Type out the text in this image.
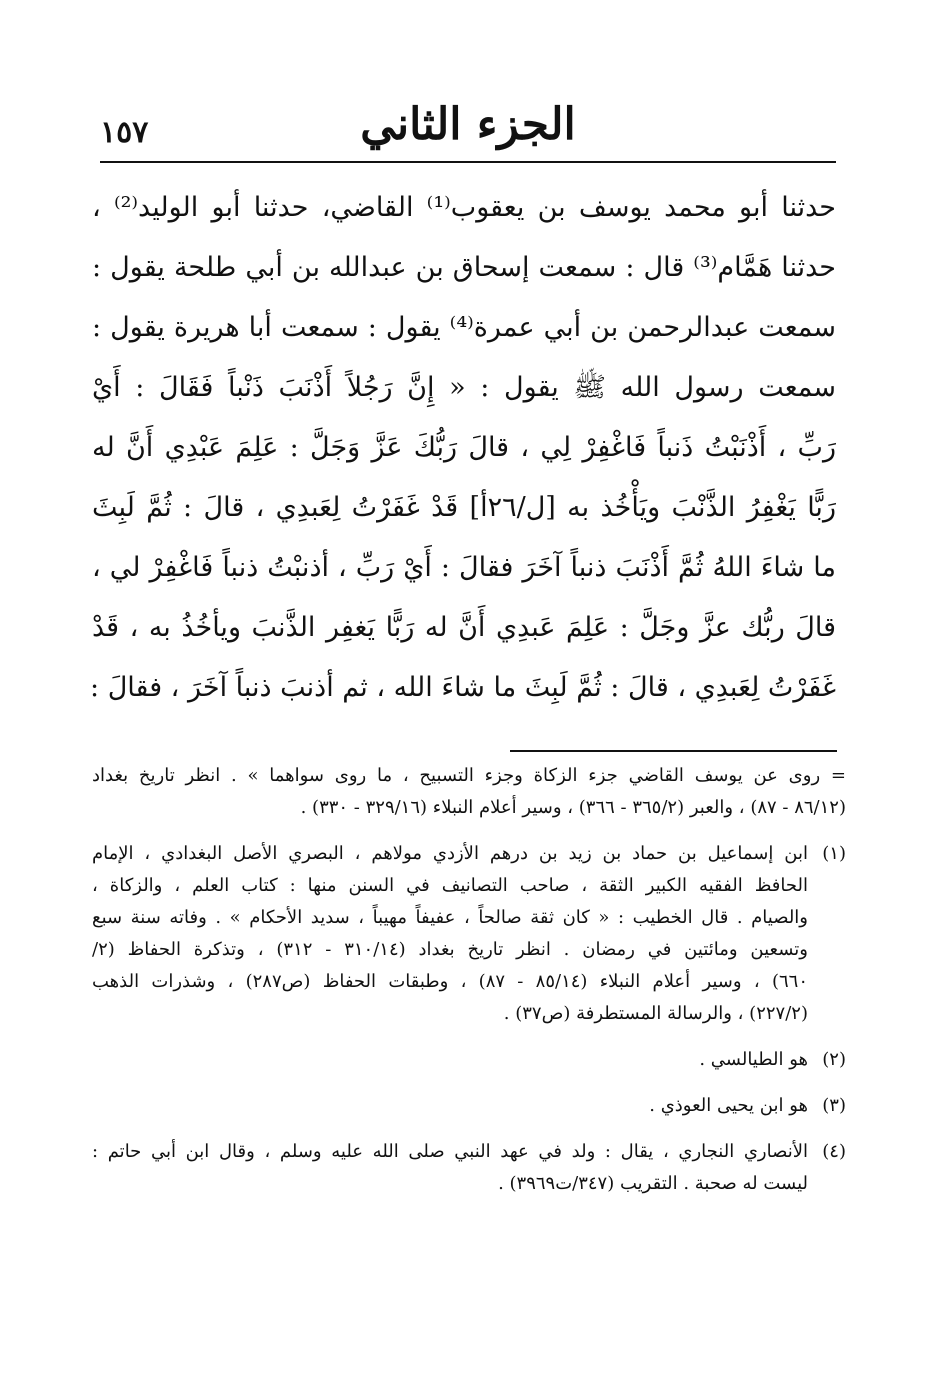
١٥٧	الجزء الثاني
حدثنا أبو محمد يوسف بن يعقوب⁽¹⁾ القاضي، حدثنا أبو الوليد⁽²⁾ ،
حدثنا هَمَّام⁽³⁾ قال : سمعت إسحاق بن عبدالله بن أبي طلحة يقول :
سمعت عبدالرحمن بن أبي عمرة⁽⁴⁾ يقول : سمعت أبا هريرة يقول :
سمعت رسول الله ﷺ يقول : « إِنَّ رَجُلاً أَذْنَبَ ذَنْباً فَقَالَ : أَيْ
رَبِّ ، أَذْنَبْتُ ذَنباً فَاغْفِرْ لِي ، قالَ رَبُّكَ عَزَّ وَجَلَّ : عَلِمَ عَبْدِي أَنَّ له
رَبًّا يَغْفِرُ الذَّنْبَ ويَأْخُذ به [ل/٢٦أ] قَدْ غَفَرْتُ لِعَبدِي ، قالَ : ثُمَّ لَبِثَ
ما شاءَ اللهُ ثُمَّ أَذْنَبَ ذنباً آخَرَ فقالَ : أَيْ رَبِّ ، أذنبْتُ ذنباً فَاغْفِرْ لي ،
قالَ ربُّك عزَّ وجَلَّ : عَلِمَ عَبدِي أَنَّ له رَبًّا يَغفِر الذَّنبَ ويأخُذُ به ، قَدْ
غَفَرْتُ لِعَبدِي ، قالَ : ثُمَّ لَبِثَ ما شاءَ الله ، ثم أذنبَ ذنباً آخَرَ ، فقالَ :
= روى عن يوسف القاضي جزء الزكاة وجزء التسبيح ، ما روى سواهما » . انظر تاريخ بغداد
(٨٦/١٢ - ٨٧) ، والعبر (٣٦٥/٢ - ٣٦٦) ، وسير أعلام النبلاء (٣٢٩/١٦ - ٣٣٠) .
(١)ابن إسماعيل بن حماد بن زيد بن درهم الأزدي مولاهم ، البصري الأصل البغدادي ، الإمام
الحافظ الفقيه الكبير الثقة ، صاحب التصانيف في السنن منها : كتاب العلم ، والزكاة ،
والصيام . قال الخطيب : « كان ثقة صالحاً ، عفيفاً مهيباً ، سديد الأحكام » . وفاته سنة سبع
وتسعين ومائتين في رمضان . انظر تاريخ بغداد (٣١٠/١٤ - ٣١٢) ، وتذكرة الحفاظ (٢/
٦٦٠) ، وسير أعلام النبلاء (٨٥/١٤ - ٨٧) ، وطبقات الحفاظ (ص٢٨٧) ، وشذرات الذهب
(٢٢٧/٢) ، والرسالة المستطرفة (ص٣٧) .
(٢)هو الطيالسي .
(٣)هو ابن يحيى العوذي .
(٤)الأنصاري النجاري ، يقال : ولد في عهد النبي صلى الله عليه وسلم ، وقال ابن أبي حاتم :
ليست له صحبة . التقريب (٣٤٧/ت٣٩٦٩) .
